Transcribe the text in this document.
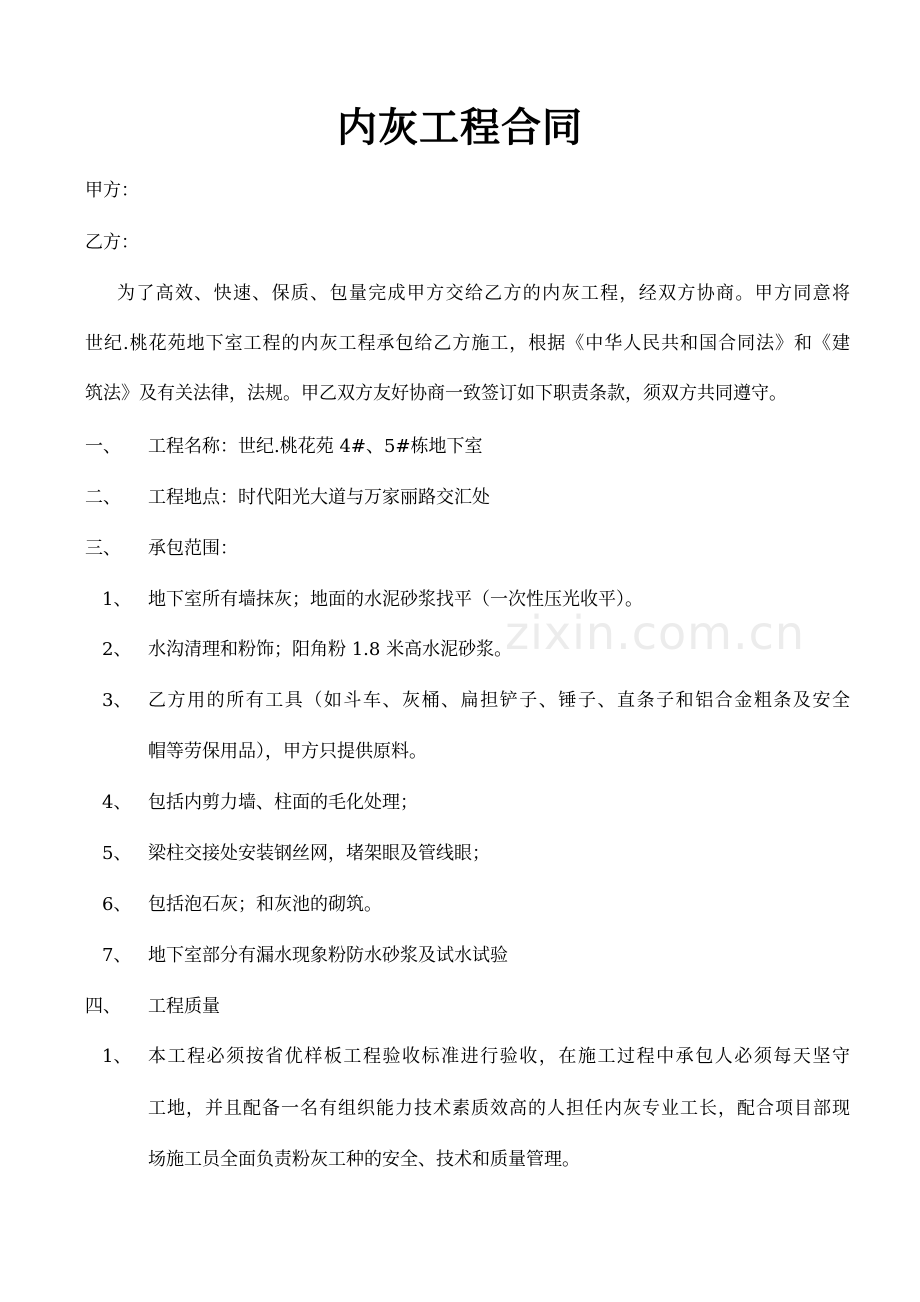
zixin.com.cn
内灰工程合同
甲方：
乙方：
为了高效、快速、保质、包量完成甲方交给乙方的内灰工程，经双方协商。甲方同意将
世纪.桃花苑地下室工程的内灰工程承包给乙方施工，根据《中华人民共和国合同法》和《建
筑法》及有关法律，法规。甲乙双方友好协商一致签订如下职责条款，须双方共同遵守。
一、 工程名称：世纪.桃花苑 4#、5#栋地下室
二、 工程地点：时代阳光大道与万家丽路交汇处
三、 承包范围：
1、 地下室所有墙抹灰；地面的水泥砂浆找平（一次性压光收平）。
2、 水沟清理和粉饰；阳角粉 1.8 米高水泥砂浆。
3、 乙方用的所有工具（如斗车、灰桶、扁担铲子、锤子、直条子和铝合金粗条及安全
帽等劳保用品），甲方只提供原料。
4、 包括内剪力墙、柱面的毛化处理；
5、 梁柱交接处安装钢丝网，堵架眼及管线眼；
6、 包括泡石灰；和灰池的砌筑。
7、 地下室部分有漏水现象粉防水砂浆及试水试验
四、 工程质量
1、 本工程必须按省优样板工程验收标准进行验收，在施工过程中承包人必须每天坚守
工地，并且配备一名有组织能力技术素质效高的人担任内灰专业工长，配合项目部现
场施工员全面负责粉灰工种的安全、技术和质量管理。
